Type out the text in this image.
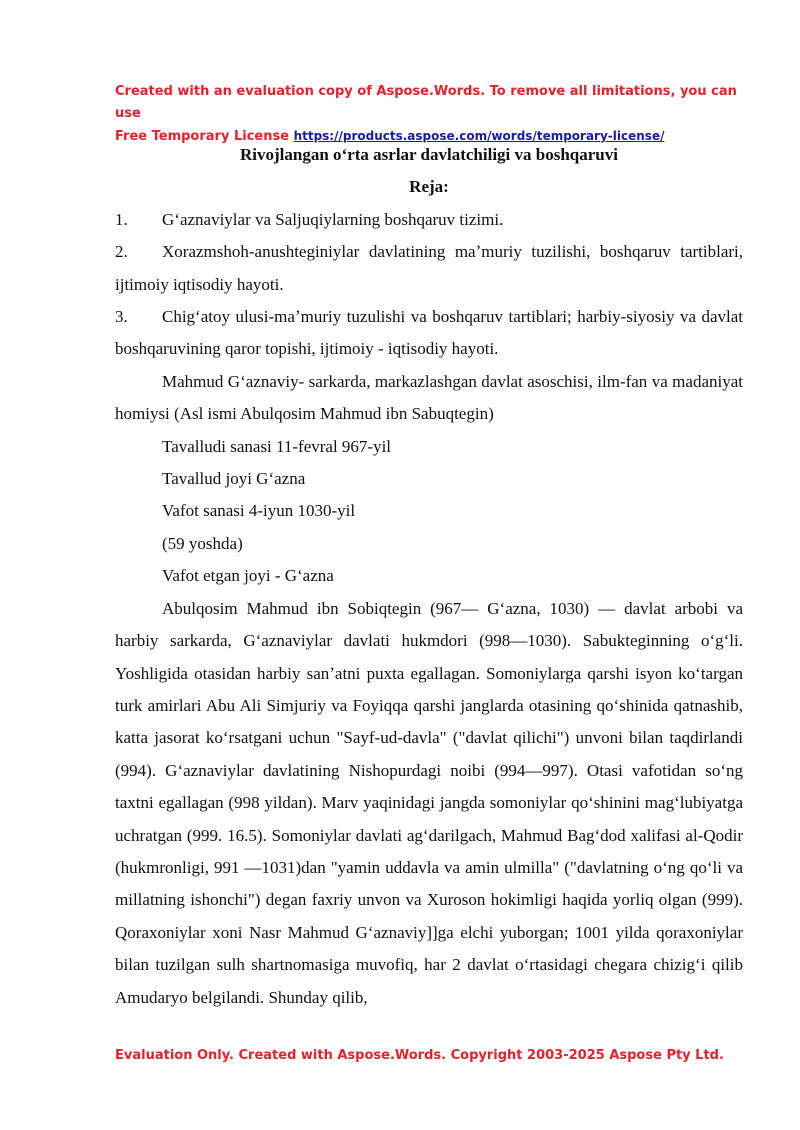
Created with an evaluation copy of Aspose.Words. To remove all limitations, you can use
Free Temporary License https://products.aspose.com/words/temporary-license/

Rivojlangan oʻrta asrlar davlatchiligi va boshqaruvi

Reja:

1. Gʻaznaviylar va Saljuqiylarning boshqaruv tizimi.

2. Xorazmshoh-anushteginiylar davlatining maʼmuriy tuzilishi, boshqaruv tartiblari, ijtimoiy iqtisodiy hayoti.

3. Chigʻatoy ulusi-maʼmuriy tuzulishi va boshqaruv tartiblari; harbiy-siyosiy va davlat boshqaruvining qaror topishi, ijtimoiy - iqtisodiy hayoti.

Mahmud Gʻaznaviy- sarkarda, markazlashgan davlat asoschisi, ilm-fan va madaniyat homiysi (Asl ismi Abulqosim Mahmud ibn Sabuqtegin)

Tavalludi sanasi 11-fevral 967-yil

Tavallud joyi Gʻazna

Vafot sanasi 4-iyun 1030-yil

(59 yoshda)

Vafot etgan joyi - Gʻazna

Abulqosim Mahmud ibn Sobiqtegin (967— Gʻazna, 1030) — davlat arbobi va harbiy sarkarda, Gʻaznaviylar davlati hukmdori (998—1030). Sabukteginning oʻgʻli. Yoshligida otasidan harbiy sanʼatni puxta egallagan. Somoniylarga qarshi isyon koʻtargan turk amirlari Abu Ali Simjuriy va Foyiqqa qarshi janglarda otasining qoʻshinida qatnashib, katta jasorat koʻrsatgani uchun "Sayf-ud-davla" ("davlat qilichi") unvoni bilan taqdirlandi (994). Gʻaznaviylar davlatining Nishopurdagi noibi (994—997). Otasi vafotidan soʻng taxtni egallagan (998 yildan). Marv yaqinidagi jangda somoniylar qoʻshinini magʻlubiyatga uchratgan (999. 16.5). Somoniylar davlati agʻdarilgach, Mahmud Bagʻdod xalifasi al-Qodir (hukmronligi, 991 —1031)dan "yamin uddavla va amin ulmilla" ("davlatning oʻng qoʻli va millatning ishonchi") degan faxriy unvon va Xuroson hokimligi haqida yorliq olgan (999). Qoraxoniylar xoni Nasr Mahmud Gʻaznaviy]]ga elchi yuborgan; 1001 yilda qoraxoniylar bilan tuzilgan sulh shartnomasiga muvofiq, har 2 davlat oʻrtasidagi chegara chizigʻi qilib Amudaryo belgilandi. Shunday qilib,

Evaluation Only. Created with Aspose.Words. Copyright 2003-2025 Aspose Pty Ltd.
